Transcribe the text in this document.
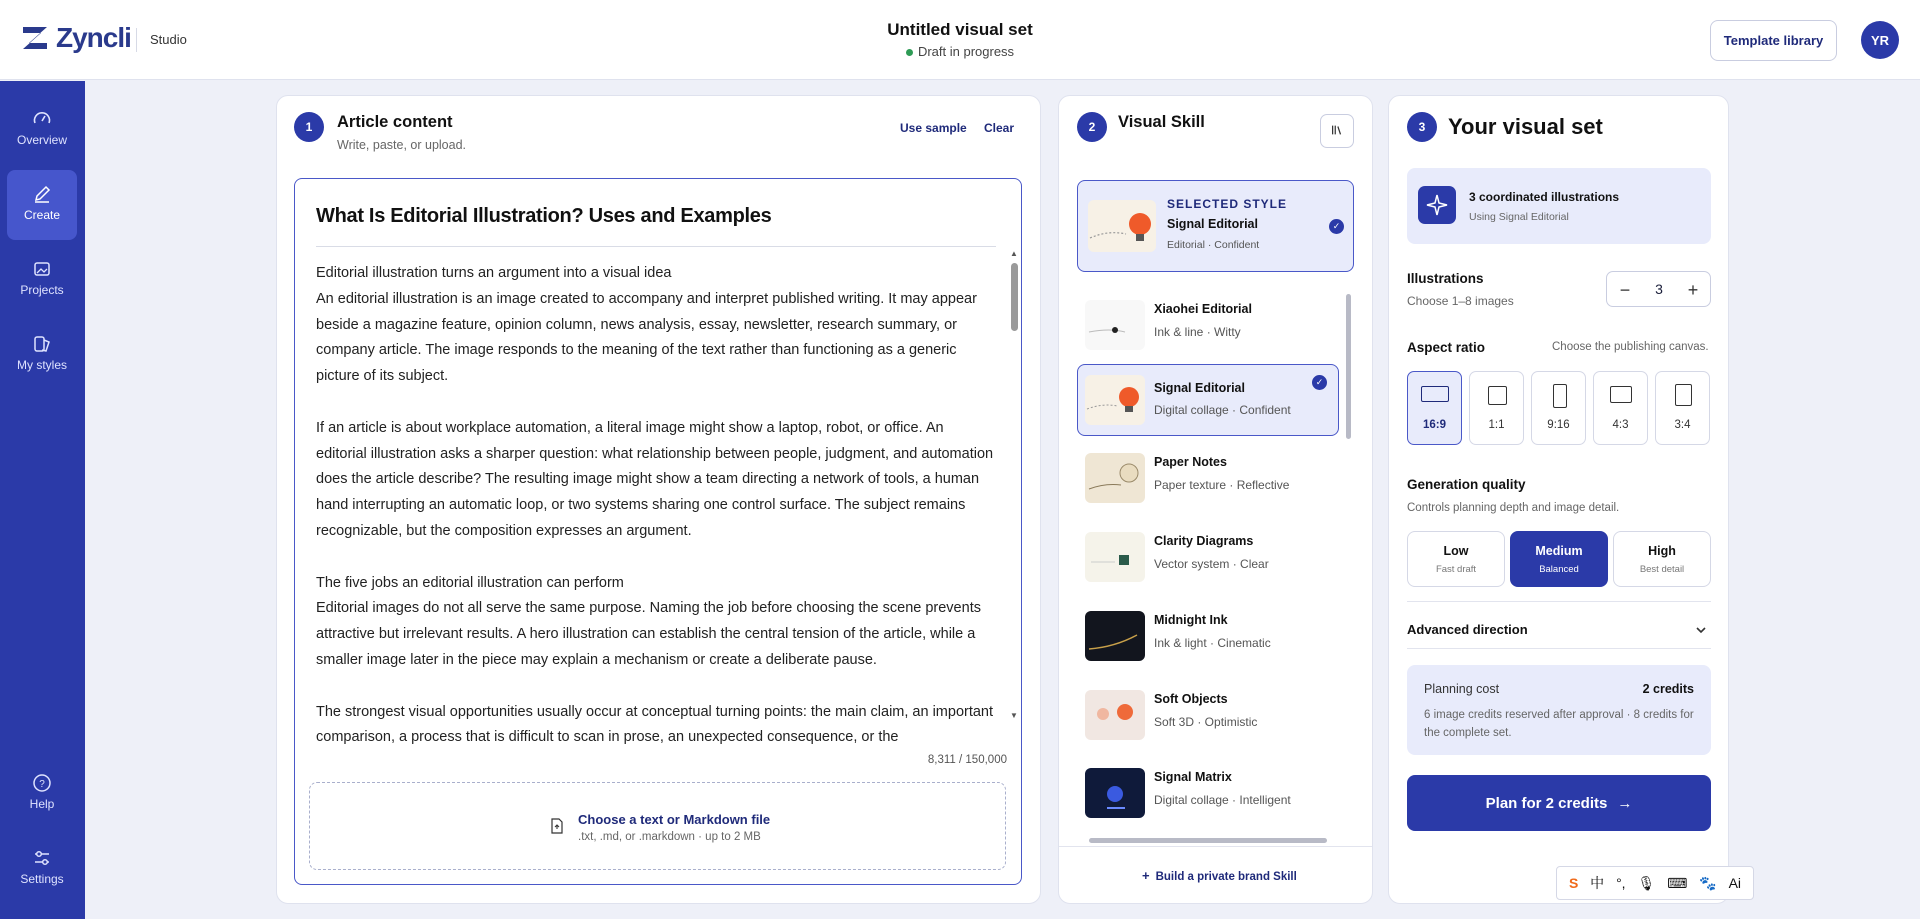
Zyncli Studio
Untitled visual set
Draft in progress
Template library	YR
Overview
Create
Projects
My styles
?
Help
Settings
1	Article content
Write, paste, or upload.
Use sample Clear
What Is Editorial Illustration? Uses and Examples

Editorial illustration turns an argument into a visual idea
An editorial illustration is an image created to accompany and interpret published writing. It may appear beside a magazine feature, opinion column, news analysis, essay, newsletter, research summary, or company article. The image responds to the meaning of the text rather than functioning as a generic picture of its subject.

If an article is about workplace automation, a literal image might show a laptop, robot, or office. An editorial illustration asks a sharper question: what relationship between people, judgment, and automation does the article describe? The resulting image might show a team directing a network of tools, a human hand interrupting an automatic loop, or two systems sharing one control surface. The subject remains recognizable, but the composition expresses an argument.

The five jobs an editorial illustration can perform
Editorial images do not all serve the same purpose. Naming the job before choosing the scene prevents attractive but irrelevant results. A hero illustration can establish the central tension of the article, while a smaller image later in the piece may explain a mechanism or create a deliberate pause.

The strongest visual opportunities usually occur at conceptual turning points: the main claim, an important comparison, a process that is difficult to scan in prose, an unexpected consequence, or the

▲
▼
8,311 / 150,000
Choose a text or Markdown file
.txt, .md, or .markdown · up to 2 MB
2	Visual Skill
SELECTED STYLE
Signal Editorial
Editorial · Confident
✓
Xiaohei Editorial
Ink & line · Witty
Signal Editorial
Digital collage · Confident
✓
Paper Notes
Paper texture · Reflective
Clarity Diagrams
Vector system · Clear
Midnight Ink
Ink & light · Cinematic
Soft Objects
Soft 3D · Optimistic
Signal Matrix
Digital collage · Intelligent
+ Build a private brand Skill
3	Your visual set
3 coordinated illustrations
Using Signal Editorial
Illustrations
Choose 1–8 images
−	3	+
Aspect ratio	Choose the publishing canvas.
16:9	1:1	9:16	4:3	3:4
Generation quality
Controls planning depth and image detail.
Low
Fast draft
Medium
Balanced
High
Best detail
Advanced direction
Planning cost	2 credits
6 image credits reserved after approval · 8 credits for the complete set.
Plan for 2 credits →
S 中 °, 🎙 ⌨ 🐾 Ai
